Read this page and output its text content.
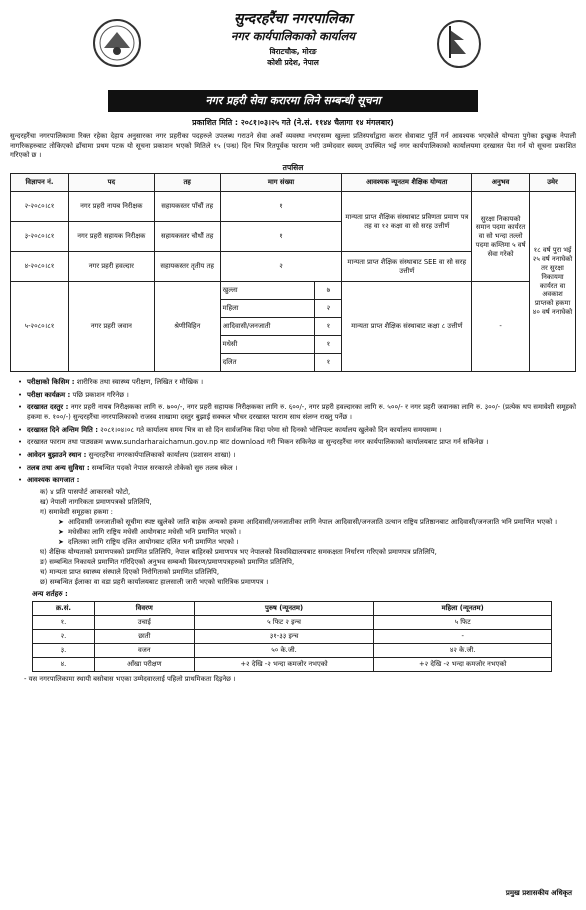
सुन्दरहरैंचा नगरपालिका
नगर कार्यपालिकाको कार्यालय
विराटचौक, मोरङ
कोशी प्रदेश, नेपाल
नगर प्रहरी सेवा करारमा लिने सम्बन्धी सूचना
प्रकाशित मिति : २०८१।०३।२५ गते (ने.सं. ११४४ चैलागा १४ मंगलबार)
सुन्दरहरैंचा नगरपालिकामा रिक्त रहेका देहाय अनुसारका नगर प्रहरीका पदहरुले उपलब्ध गराउने सेवा अर्को व्यवस्था नभएसम्म खुल्ला प्रतिस्पर्धाद्वारा करार सेवाबाट पूर्ति गर्न आवश्यक भएकोले योग्यता पुगेका इच्छुक नेपाली नागरिकहरुबाट तोकिएको ढाँचामा प्रथम पटक यो सूचना प्रकाशन भएको मितिले १५ (पन्ध्र) दिन भित्र रितपूर्वक फाराम भरी उम्मेदवार स्वयम् उपस्थित भई नगर कार्यपालिकाको कार्यालयमा दरखास्त पेश गर्न यो सूचना प्रकाशित गरिएको छ ।
तपसिल
विज्ञापन नं.	पद	तह	माग संख्या	आवश्यक न्यूनतम शैक्षिक योग्यता	अनुभव	उमेर
२-२०८०।८१	नगर प्रहरी नायब निरीक्षक	सहायकस्तर पाँचौं तह	१	मान्यता प्राप्त शैक्षिक संस्थाबाट प्रविणता प्रमाण पत्र तह वा १२ कक्षा वा सो सरह उत्तीर्ण	सुरक्षा निकायको समान पदमा कार्यरत वा सो भन्दा तल्लो पदमा कम्तिमा ५ वर्ष सेवा गरेको	१८ वर्ष पुरा भई २५ वर्ष ननाघेको तर सुरक्षा निकायमा कार्यरत वा अवकाश प्राप्तको हकमा ४० वर्ष ननाघेको
३-२०८०।८१	नगर प्रहरी सहायक निरीक्षक	सहायकस्तर चौथौं तह	१
४-२०८०।८१	नगर प्रहरी हवल्दार	सहायकस्तर तृतीय तह	२	मान्यता प्राप्त शैक्षिक संस्थाबाट SEE वा सो सरह उत्तीर्ण
५-२०८०।८१	नगर प्रहरी जवान	श्रेणीविहिन	
खुल्ला	७
महिला	२
आदिवासी/जनजाती	१
मधेसी	१
दलित	१
	मान्यता प्राप्त शैक्षिक संस्थाबाट कक्षा ८ उत्तीर्ण	-
• परीक्षाको किसिम : शारीरिक तथा स्वास्थ्य परीक्षण, लिखित र मौखिक ।
• परीक्षा कार्यक्रम : पछि प्रकाशन गरिनेछ ।
• दरखास्त दस्तुर : नगर प्रहरी नायब निरीक्षकका लागि रु. ७००/-, नगर प्रहरी सहायक निरीक्षकका लागि रु. ६००/-, नगर प्रहरी हवल्दारका लागि रु. ५००/- र नगर प्रहरी जवानका लागि रु. ३००/- (प्रत्येक थप समावेशी समूहको हकमा रु. १००/-) सुन्दरहरैंचा नगरपालिकाको राजस्व शाखामा दस्तुर बुझाई सक्कल भौचर दरखास्त फाराम साथ संलग्न राख्नु पर्नेछ ।
• दरखास्त दिने अन्तिम मिति : २०८१।०४।०८ गते कार्यालय समय भित्र वा सो दिन सार्वजनिक विदा परेमा सो दिनको भोलिपल्ट कार्यालय खुलेको दिन कार्यालय समयसम्म ।
• दरखास्त फाराम तथा पाठ्यक्रम www.sundarharaichamun.gov.np बाट download गरी भिकन सकिनेछ वा सुन्दरहरैंचा नगर कार्यपालिकाको कार्यालयबाट प्राप्त गर्न सकिनेछ ।
• आवेदन बुझाउने स्थान : सुन्दरहरैंचा नगरकार्यपालिकाको कार्यालय (प्रशासन शाखा) ।
• तलब तथा अन्य सुविधा : सम्बन्धित पदको नेपाल सरकारले तोकेको सुरु तलब स्केल ।
• आवश्यक कागजात :
क) ४ प्रति पासपोर्ट आकारको फोटो,
ख) नेपाली नागरिकता प्रमाणपत्रको प्रतिलिपि,
ग) समावेशी समूहका हकमा :
➤ आदिवासी जनजातीको सूचीमा स्पष्ट खुलेको जाति बाहेक अन्यको हकमा आदिवासी/जनजातीका लागि नेपाल आदिवासी/जनजाति उत्थान राष्ट्रिय प्रतिष्ठानबाट आदिवासी/जनजाति भनि प्रमाणित भएको ।
➤ मधेसीका लागि राष्ट्रिय मधेसी आयोगबाट मधेसी भनि प्रमाणित भएको ।
➤ दलितका लागि राष्ट्रिय दलित आयोगबाट दलित भनी प्रमाणित भएको ।
घ) शैक्षिक योग्यताको प्रमाणपत्रको प्रमाणित प्रतिलिपि, नेपाल बाहिरको प्रमाणपत्र भए नेपालको विश्वविद्यालयबाट समकक्षता निर्धारण गरिएको प्रमाणपत्र प्रतिलिपि,
ङ) सम्बन्धित निकायले प्रमाणित गरिदिएको अनुभव सम्बन्धी विवरण/प्रमाणपत्रहरुको प्रमाणित प्रतिलिपि,
च) मान्यता प्राप्त स्वास्थ्य संस्थाले दिएको निरोगिताको प्रमाणित प्रतिलिपि,
छ) सम्बन्धित ईलाका वा वडा प्रहरी कार्यालयबाट हालसाली जारी भएको चारित्रिक प्रमाणपत्र ।
अन्य शर्तहरु :
क्र.सं.	विवरण	पुरुष (न्यूनतम)	महिला (न्यूनतम)
१.	उचाई	५ फिट २ इन्च	५ फिट
२.	छाती	३१-३३ इन्च	-
३.	वजन	५० के.जी.	४२ के.जी.
४.	आँखा परीक्षण	+२ देखि -२ भन्दा कमजोर नभएको	+२ देखि -२ भन्दा कमजोर नभएको
- यस नगरपालिकामा स्थायी बसोबास भएका उम्मेदवारलाई पहिलो प्राथमिकता दिइनेछ ।
प्रमुख प्रशासकीय अधिकृत
